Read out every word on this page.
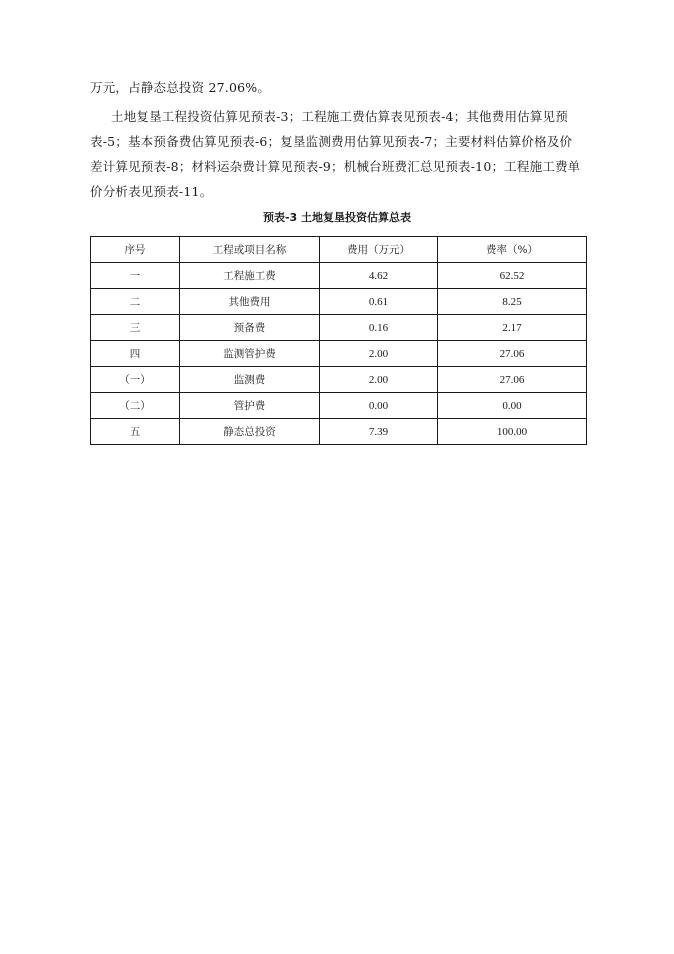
万元，占静态总投资 27.06%。
土地复垦工程投资估算见预表-3；工程施工费估算表见预表-4；其他费用估算见预
表-5；基本预备费估算见预表-6；复垦监测费用估算见预表-7；主要材料估算价格及价
差计算见预表-8；材料运杂费计算见预表-9；机械台班费汇总见预表-10；工程施工费单
价分析表见预表-11。
预表-3 土地复垦投资估算总表
序号	工程或项目名称	费用（万元）	费率（%）
一	工程施工费	4.62	62.52
二	其他费用	0.61	8.25
三	预备费	0.16	2.17
四	监测管护费	2.00	27.06
（一）	监测费	2.00	27.06
（二）	管护费	0.00	0.00
五	静态总投资	7.39	100.00
